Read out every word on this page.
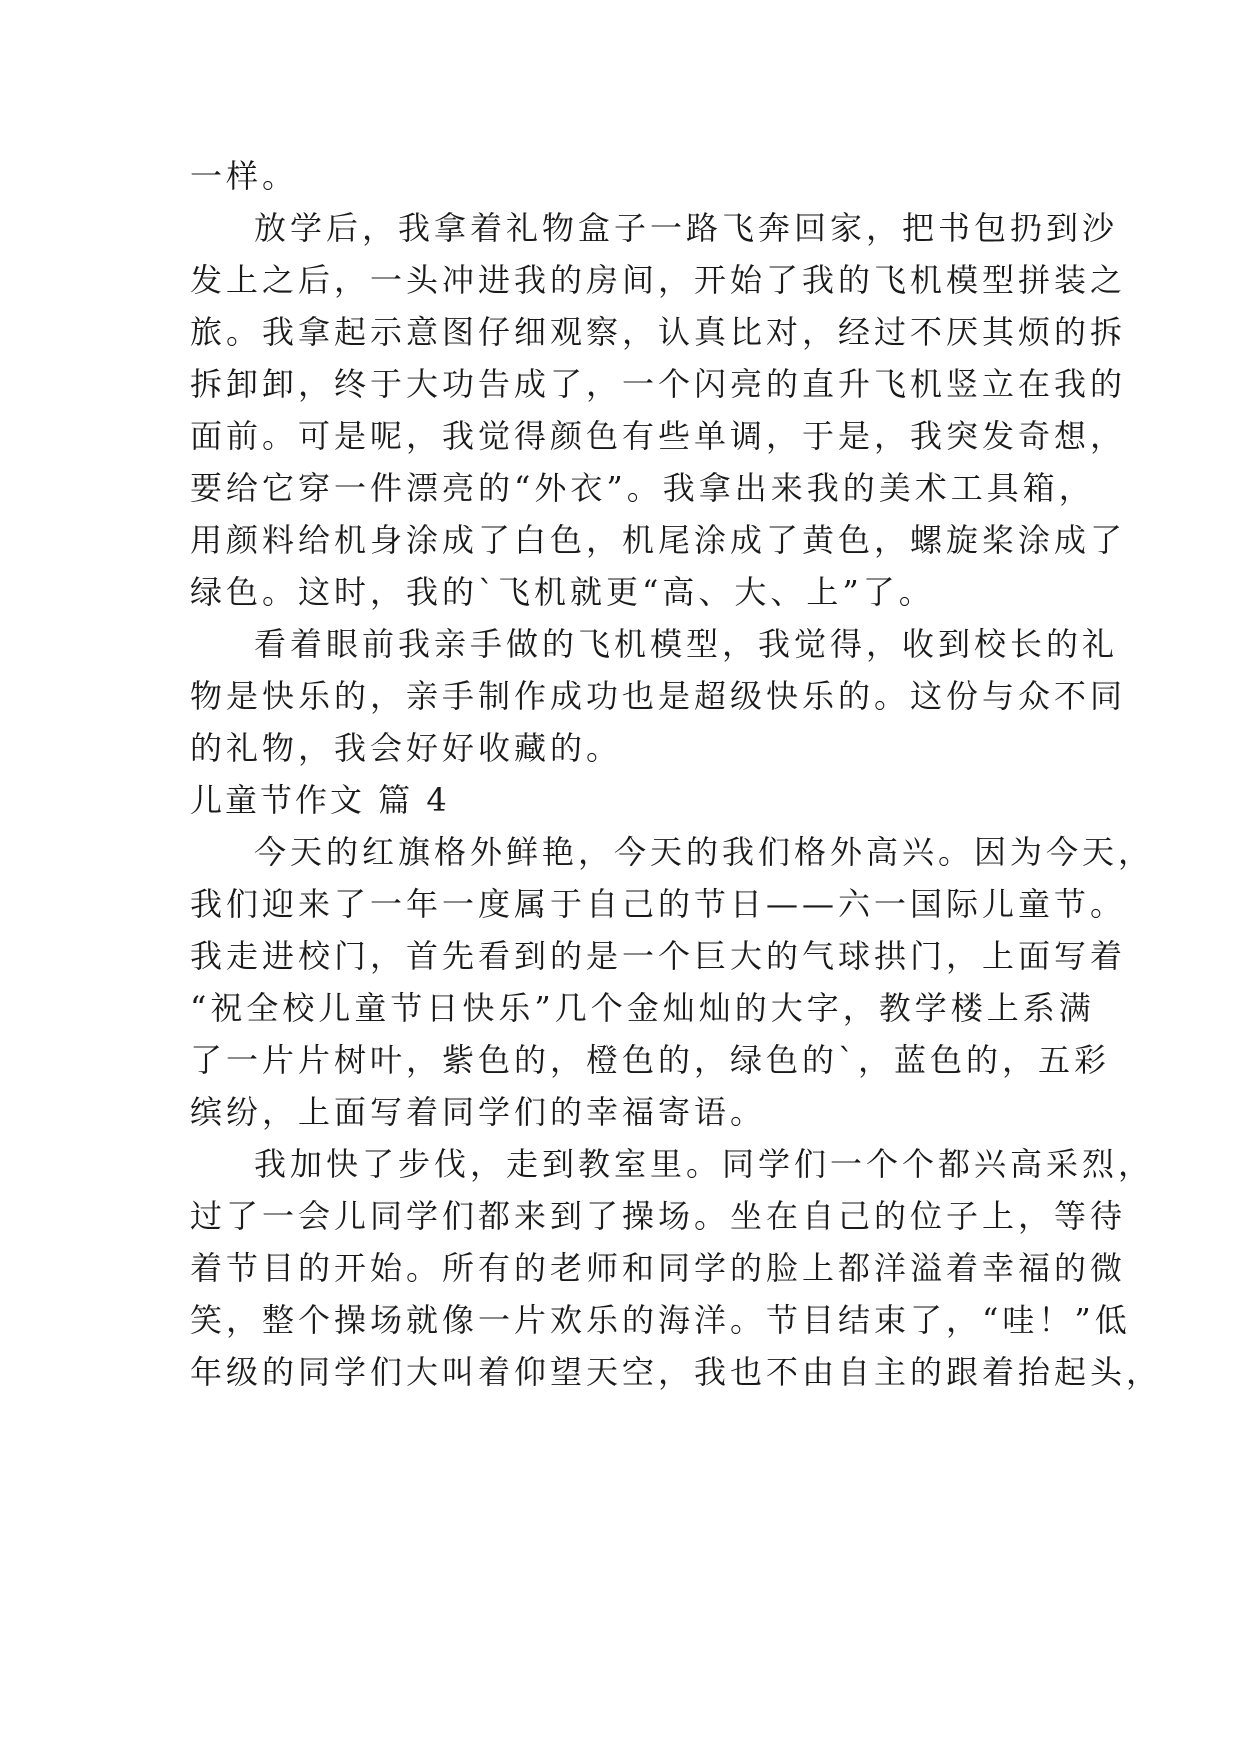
一样。
放学后，我拿着礼物盒子一路飞奔回家，把书包扔到沙
发上之后，一头冲进我的房间，开始了我的飞机模型拼装之
旅。我拿起示意图仔细观察，认真比对，经过不厌其烦的拆
拆卸卸，终于大功告成了，一个闪亮的直升飞机竖立在我的
面前。可是呢，我觉得颜色有些单调，于是，我突发奇想，
要给它穿一件漂亮的“外衣”。我拿出来我的美术工具箱，
用颜料给机身涂成了白色，机尾涂成了黄色，螺旋桨涂成了
绿色。这时，我的`飞机就更“高、大、上”了。
看着眼前我亲手做的飞机模型，我觉得，收到校长的礼
物是快乐的，亲手制作成功也是超级快乐的。这份与众不同
的礼物，我会好好收藏的。
儿童节作文 篇 4
今天的红旗格外鲜艳，今天的我们格外高兴。因为今天，
我们迎来了一年一度属于自己的节日——六一国际儿童节。
我走进校门，首先看到的是一个巨大的气球拱门，上面写着
“祝全校儿童节日快乐”几个金灿灿的大字，教学楼上系满
了一片片树叶，紫色的，橙色的，绿色的`，蓝色的，五彩
缤纷，上面写着同学们的幸福寄语。
我加快了步伐，走到教室里。同学们一个个都兴高采烈，
过了一会儿同学们都来到了操场。坐在自己的位子上，等待
着节目的开始。所有的老师和同学的脸上都洋溢着幸福的微
笑，整个操场就像一片欢乐的海洋。节目结束了，“哇！”低
年级的同学们大叫着仰望天空，我也不由自主的跟着抬起头，
